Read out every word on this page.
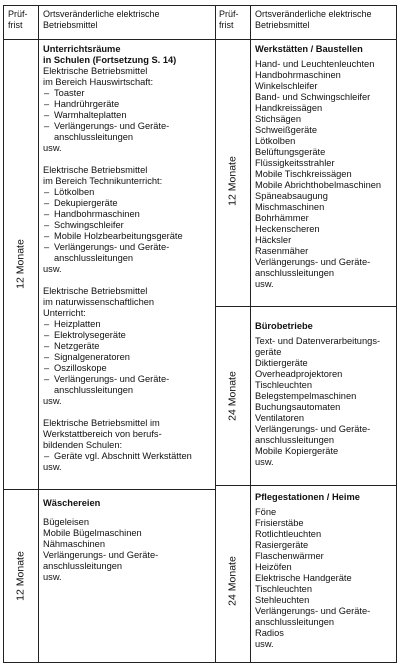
Prüf-

frist

Ortsveränderliche elektrische

Betriebsmittel

Prüf-

frist

Ortsveränderliche elektrische

Betriebsmittel

12 Monate
12 Monate
12 Monate
24 Monate
24 Monate

Unterrichtsräume

in Schulen (Fortsetzung S. 14)

Elektrische Betriebsmittel

im Bereich Hauswirtschaft:

– Toaster

– Handrührgeräte

– Warmhalteplatten

– Verlängerungs- und Geräte-

anschlussleitungen

usw.

Elektrische Betriebsmittel

im Bereich Technikunterricht:

– Lötkolben

– Dekupiergeräte

– Handbohrmaschinen

– Schwingschleifer

– Mobile Holzbearbeitungsgeräte

– Verlängerungs- und Geräte-

anschlussleitungen

usw.

Elektrische Betriebsmittel

im naturwissenschaftlichen

Unterricht:

– Heizplatten

– Elektrolysegeräte

– Netzgeräte

– Signalgeneratoren

– Oszilloskope

– Verlängerungs- und Geräte-

anschlussleitungen

usw.

Elektrische Betriebsmittel im

Werkstattbereich von berufs-

bildenden Schulen:

– Geräte vgl. Abschnitt Werkstätten

usw.

Wäschereien

Bügeleisen

Mobile Bügelmaschinen

Nähmaschinen

Verlängerungs- und Geräte-

anschlussleitungen

usw.

Werkstätten / Baustellen

Hand- und Leuchtenleuchten

Handbohrmaschinen

Winkelschleifer

Band- und Schwingschleifer

Handkreissägen

Stichsägen

Schweißgeräte

Lötkolben

Belüftungsgeräte

Flüssigkeitsstrahler

Mobile Tischkreissägen

Mobile Abrichthobelmaschinen

Späneabsaugung

Mischmaschinen

Bohrhämmer

Heckenscheren

Häcksler

Rasenmäher

Verlängerungs- und Geräte-

anschlussleitungen

usw.

Bürobetriebe

Text- und Datenverarbeitungs-

geräte

Diktiergeräte

Overheadprojektoren

Tischleuchten

Belegstempelmaschinen

Buchungsautomaten

Ventilatoren

Verlängerungs- und Geräte-

anschlussleitungen

Mobile Kopiergeräte

usw.

Pflegestationen / Heime

Föne

Frisierstäbe

Rotlichtleuchten

Rasiergeräte

Flaschenwärmer

Heizöfen

Elektrische Handgeräte

Tischleuchten

Stehleuchten

Verlängerungs- und Geräte-

anschlussleitungen

Radios

usw.
